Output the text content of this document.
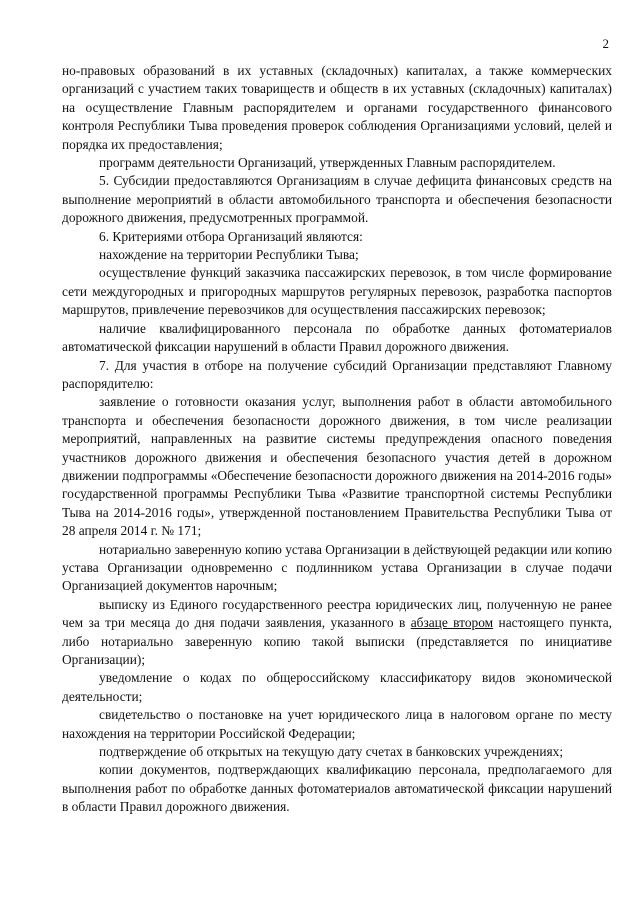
2

но-правовых образований в их уставных (складочных) капиталах, а также коммерческих организаций с участием таких товариществ и обществ в их уставных (складочных) капиталах) на осуществление Главным распорядителем и органами государственного финансового контроля Республики Тыва проведения проверок соблюдения Организациями условий, целей и порядка их предоставления;

программ деятельности Организаций, утвержденных Главным распорядителем.

5. Субсидии предоставляются Организациям в случае дефицита финансовых средств на выполнение мероприятий в области автомобильного транспорта и обеспечения безопасности дорожного движения, предусмотренных программой.

6. Критериями отбора Организаций являются:

нахождение на территории Республики Тыва;

осуществление функций заказчика пассажирских перевозок, в том числе формирование сети междугородных и пригородных маршрутов регулярных перевозок, разработка паспортов маршрутов, привлечение перевозчиков для осуществления пассажирских перевозок;

наличие квалифицированного персонала по обработке данных фотоматериалов автоматической фиксации нарушений в области Правил дорожного движения.

7. Для участия в отборе на получение субсидий Организации представляют Главному распорядителю:

заявление о готовности оказания услуг, выполнения работ в области автомобильного транспорта и обеспечения безопасности дорожного движения, в том числе реализации мероприятий, направленных на развитие системы предупреждения опасного поведения участников дорожного движения и обеспечения безопасного участия детей в дорожном движении подпрограммы «Обеспечение безопасности дорожного движения на 2014-2016 годы» государственной программы Республики Тыва «Развитие транспортной системы Республики Тыва на 2014-2016 годы», утвержденной постановлением Правительства Республики Тыва от 28 апреля 2014 г. № 171;

нотариально заверенную копию устава Организации в действующей редакции или копию устава Организации одновременно с подлинником устава Организации в случае подачи Организацией документов нарочным;

выписку из Единого государственного реестра юридических лиц, полученную не ранее чем за три месяца до дня подачи заявления, указанного в абзаце втором настоящего пункта, либо нотариально заверенную копию такой выписки (представляется по инициативе Организации);

уведомление о кодах по общероссийскому классификатору видов экономической деятельности;

свидетельство о постановке на учет юридического лица в налоговом органе по месту нахождения на территории Российской Федерации;

подтверждение об открытых на текущую дату счетах в банковских учреждениях;

копии документов, подтверждающих квалификацию персонала, предполагаемого для выполнения работ по обработке данных фотоматериалов автоматической фиксации нарушений в области Правил дорожного движения.
